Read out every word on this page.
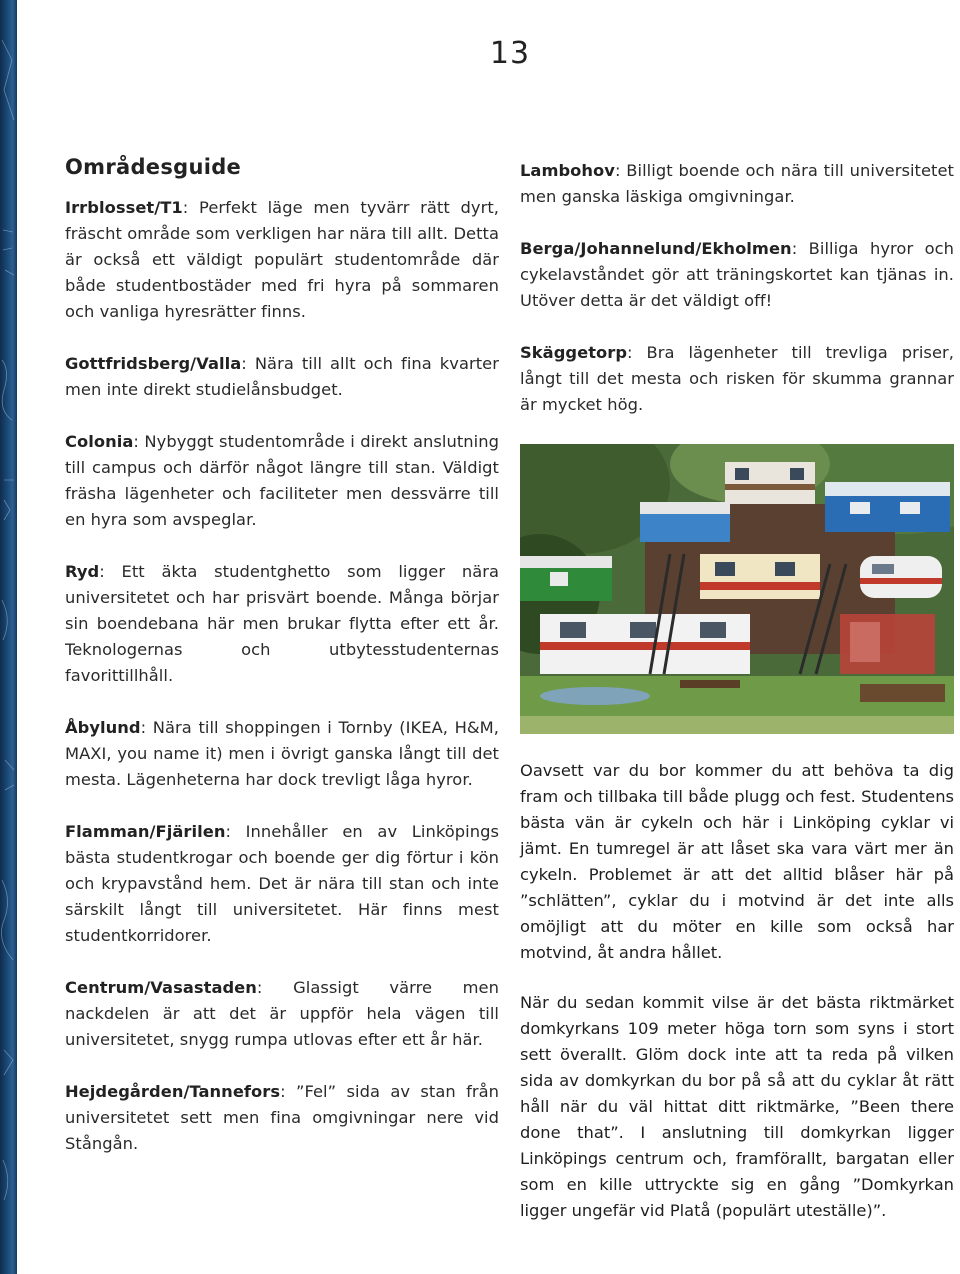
13
Områdesguide

Irrblosset/T1: Perfekt läge men tyvärr rätt dyrt, fräscht område som verkligen har nära till allt. Detta är också ett väldigt populärt studentområde där både studentbostäder med fri hyra på sommaren och vanliga hyresrätter finns.

Gottfridsberg/Valla: Nära till allt och fina kvarter men inte direkt studielånsbudget.

Colonia: Nybyggt studentområde i direkt anslutning till campus och därför något längre till stan. Väldigt fräsha lägenheter och faciliteter men dessvärre till en hyra som avspeglar.

Ryd: Ett äkta studentghetto som ligger nära universitetet och har prisvärt boende. Många börjar sin boendebana här men brukar flytta efter ett år. Teknologernas och utbytesstudenternas favorittillhåll.

Åbylund: Nära till shoppingen i Tornby (IKEA, H&M, MAXI, you name it) men i övrigt ganska långt till det mesta. Lägenheterna har dock trevligt låga hyror.

Flamman/Fjärilen: Innehåller en av Linköpings bästa studentkrogar och boende ger dig förtur i kön och krypavstånd hem. Det är nära till stan och inte särskilt långt till universitetet. Här finns mest studentkorridorer.

Centrum/Vasastaden: Glassigt värre men nackdelen är att det är uppför hela vägen till universitetet, snygg rumpa utlovas efter ett år här.

Hejdegården/Tannefors: ”Fel” sida av stan från universitetet sett men fina omgivningar nere vid Stångån.

Lambohov: Billigt boende och nära till universitetet men ganska läskiga omgivningar.

Berga/Johannelund/Ekholmen: Billiga hyror och cykelavståndet gör att träningskortet kan tjänas in. Utöver detta är det väldigt off!

Skäggetorp: Bra lägenheter till trevliga priser, långt till det mesta och risken för skumma grannar är mycket hög.

Oavsett var du bor kommer du att behöva ta dig fram och tillbaka till både plugg och fest. Studentens bästa vän är cykeln och här i Linköping cyklar vi jämt. En tumregel är att låset ska vara värt mer än cykeln. Problemet är att det alltid blåser här på ”schlätten”, cyklar du i motvind är det inte alls omöjligt att du möter en kille som också har motvind, åt andra hållet.

När du sedan kommit vilse är det bästa riktmärket domkyrkans 109 meter höga torn som syns i stort sett överallt. Glöm dock inte att ta reda på vilken sida av domkyrkan du bor på så att du cyklar åt rätt håll när du väl hittat ditt riktmärke, ”Been there done that”. I anslutning till domkyrkan ligger Linköpings centrum och, framförallt, bargatan eller som en kille uttryckte sig en gång ”Domkyrkan ligger ungefär vid Platå (populärt uteställe)”.
